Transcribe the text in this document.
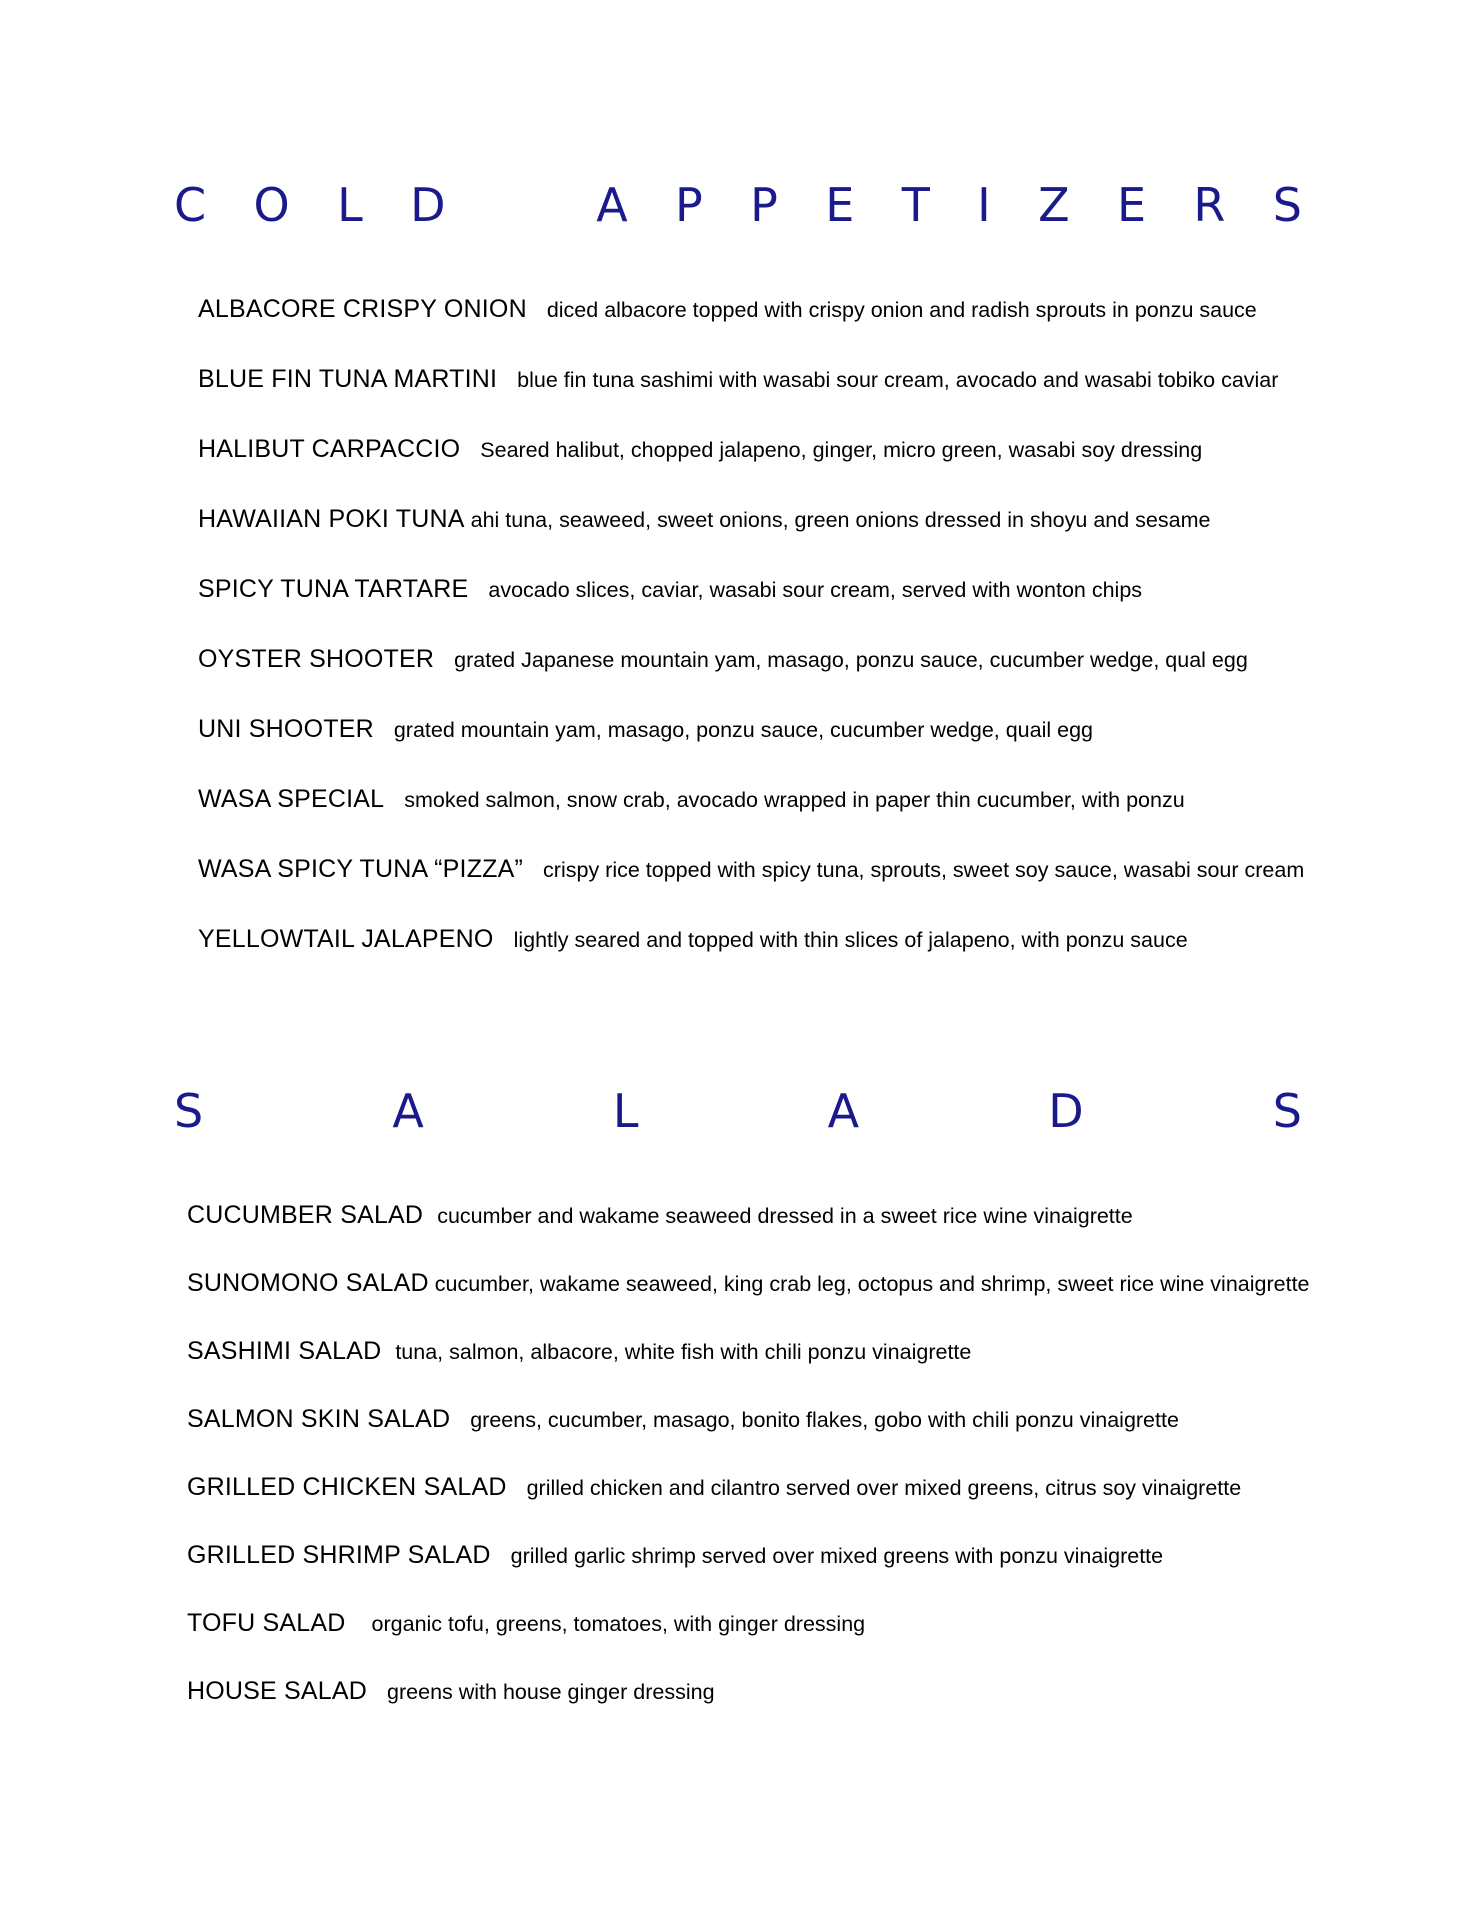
C O L D	A P P E T I Z E R S
ALBACORE CRISPY ONION diced albacore topped with crispy onion and radish sprouts in ponzu sauce
BLUE FIN TUNA MARTINI blue fin tuna sashimi with wasabi sour cream, avocado and wasabi tobiko caviar
HALIBUT CARPACCIO Seared halibut, chopped jalapeno, ginger, micro green, wasabi soy dressing
HAWAIIAN POKI TUNA ahi tuna, seaweed, sweet onions, green onions dressed in shoyu and sesame
SPICY TUNA TARTARE avocado slices, caviar, wasabi sour cream, served with wonton chips
OYSTER SHOOTER grated Japanese mountain yam, masago, ponzu sauce, cucumber wedge, qual egg
UNI SHOOTER grated mountain yam, masago, ponzu sauce, cucumber wedge, quail egg
WASA SPECIAL smoked salmon, snow crab, avocado wrapped in paper thin cucumber, with ponzu
WASA SPICY TUNA “PIZZA” crispy rice topped with spicy tuna, sprouts, sweet soy sauce, wasabi sour cream
YELLOWTAIL JALAPENO lightly seared and topped with thin slices of jalapeno, with ponzu sauce
S	A	L	A	D	S
CUCUMBER SALAD cucumber and wakame seaweed dressed in a sweet rice wine vinaigrette
SUNOMONO SALAD cucumber, wakame seaweed, king crab leg, octopus and shrimp, sweet rice wine vinaigrette
SASHIMI SALAD tuna, salmon, albacore, white fish with chili ponzu vinaigrette
SALMON SKIN SALAD greens, cucumber, masago, bonito flakes, gobo with chili ponzu vinaigrette
GRILLED CHICKEN SALAD grilled chicken and cilantro served over mixed greens, citrus soy vinaigrette
GRILLED SHRIMP SALAD grilled garlic shrimp served over mixed greens with ponzu vinaigrette
TOFU SALAD organic tofu, greens, tomatoes, with ginger dressing
HOUSE SALAD greens with house ginger dressing
